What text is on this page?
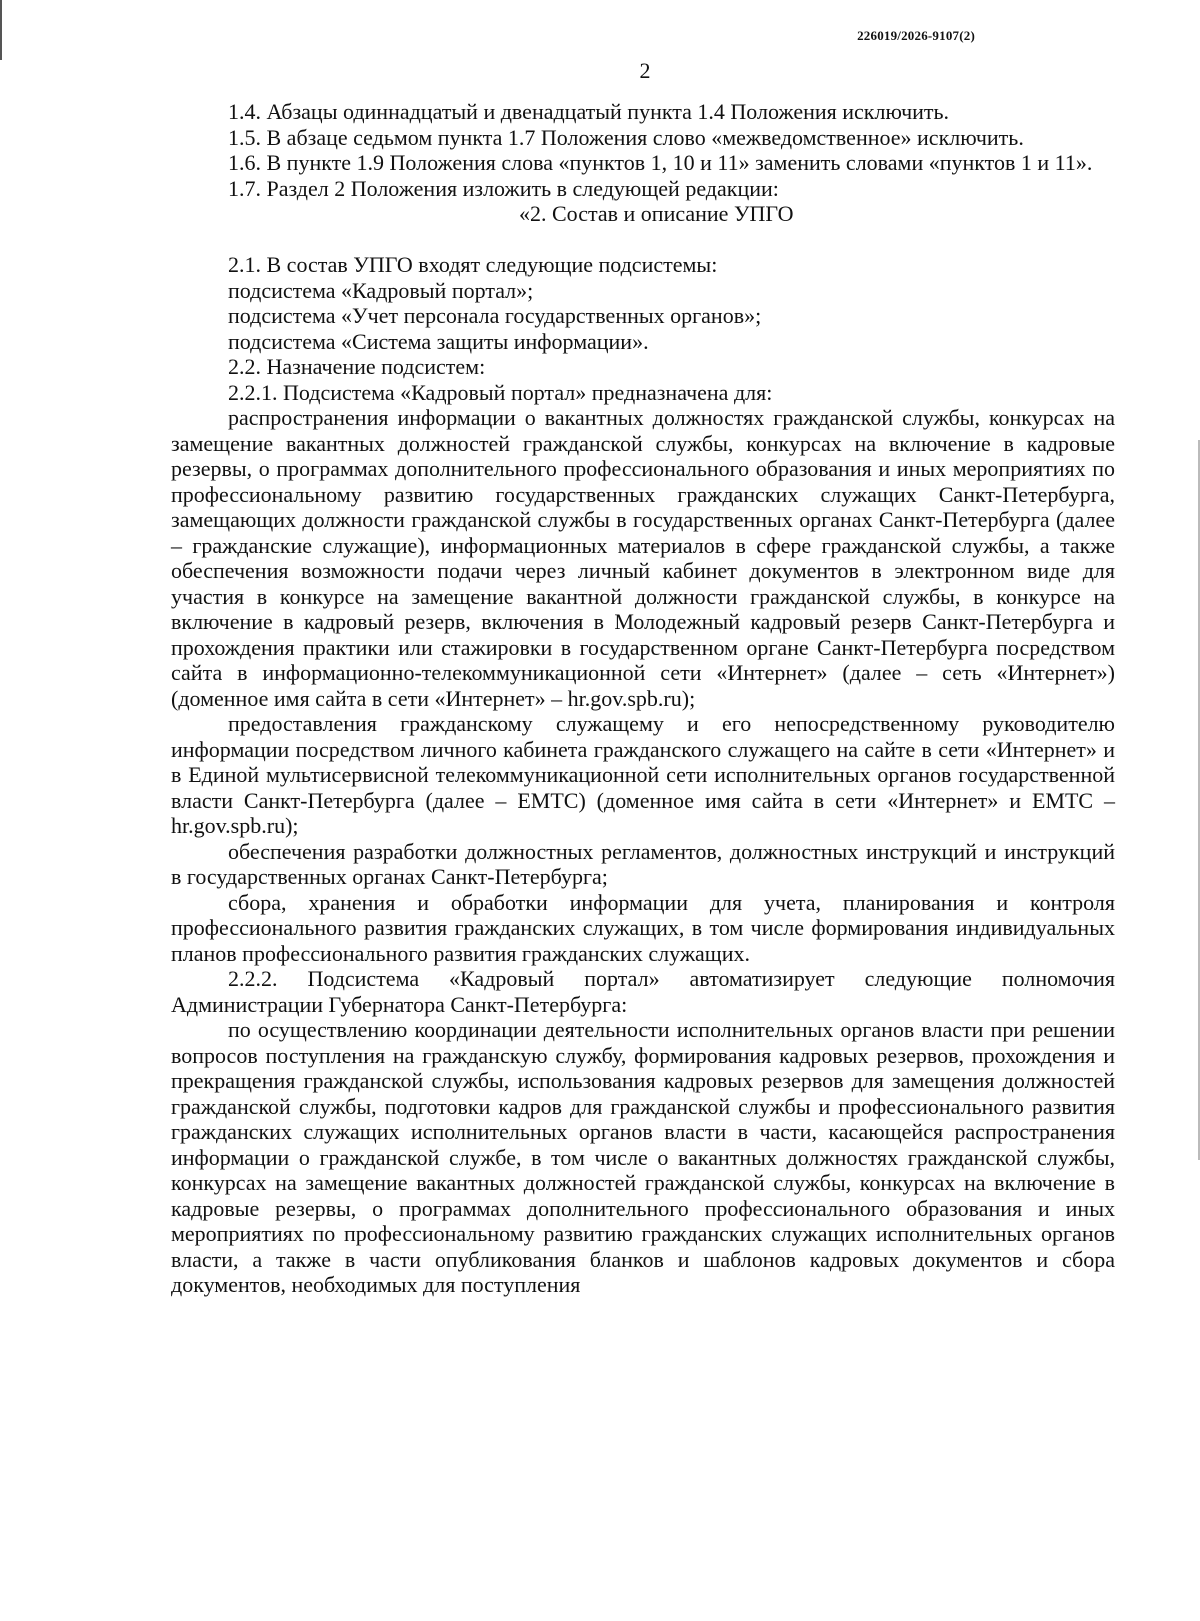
226019/2026-9107(2)
2

1.4. Абзацы одиннадцатый и двенадцатый пункта 1.4 Положения исключить.

1.5. В абзаце седьмом пункта 1.7 Положения слово «межведомственное» исключить.

1.6. В пункте 1.9 Положения слова «пунктов 1, 10 и 11» заменить словами «пунктов 1 и 11».

1.7. Раздел 2 Положения изложить в следующей редакции:

«2. Состав и описание УПГО

2.1. В состав УПГО входят следующие подсистемы:

подсистема «Кадровый портал»;

подсистема «Учет персонала государственных органов»;

подсистема «Система защиты информации».

2.2. Назначение подсистем:

2.2.1. Подсистема «Кадровый портал» предназначена для:

распространения информации о вакантных должностях гражданской службы, конкурсах на замещение вакантных должностей гражданской службы, конкурсах на включение в кадровые резервы, о программах дополнительного профессионального образования и иных мероприятиях по профессиональному развитию государственных гражданских служащих Санкт-Петербурга, замещающих должности гражданской службы в государственных органах Санкт-Петербурга (далее – гражданские служащие), информационных материалов в сфере гражданской службы, а также обеспечения возможности подачи через личный кабинет документов в электронном виде для участия в конкурсе на замещение вакантной должности гражданской службы, в конкурсе на включение в кадровый резерв, включения в Молодежный кадровый резерв Санкт-Петербурга и прохождения практики или стажировки в государственном органе Санкт-Петербурга посредством сайта в информационно-телекоммуникационной сети «Интернет» (далее – сеть «Интернет») (доменное имя сайта в сети «Интернет» – hr.gov.spb.ru);

предоставления гражданскому служащему и его непосредственному руководителю информации посредством личного кабинета гражданского служащего на сайте в сети «Интернет» и в Единой мультисервисной телекоммуникационной сети исполнительных органов государственной власти Санкт-Петербурга (далее – ЕМТС) (доменное имя сайта в сети «Интернет» и ЕМТС – hr.gov.spb.ru);

обеспечения разработки должностных регламентов, должностных инструкций и инструкций в государственных органах Санкт-Петербурга;

сбора, хранения и обработки информации для учета, планирования и контроля профессионального развития гражданских служащих, в том числе формирования индивидуальных планов профессионального развития гражданских служащих.

2.2.2. Подсистема «Кадровый портал» автоматизирует следующие полномочия Администрации Губернатора Санкт-Петербурга:

по осуществлению координации деятельности исполнительных органов власти при решении вопросов поступления на гражданскую службу, формирования кадровых резервов, прохождения и прекращения гражданской службы, использования кадровых резервов для замещения должностей гражданской службы, подготовки кадров для гражданской службы и профессионального развития гражданских служащих исполнительных органов власти в части, касающейся распространения информации о гражданской службе, в том числе о вакантных должностях гражданской службы, конкурсах на замещение вакантных должностей гражданской службы, конкурсах на включение в кадровые резервы, о программах дополнительного профессионального образования и иных мероприятиях по профессиональному развитию гражданских служащих исполнительных органов власти, а также в части опубликования бланков и шаблонов кадровых документов и сбора документов, необходимых для поступления
